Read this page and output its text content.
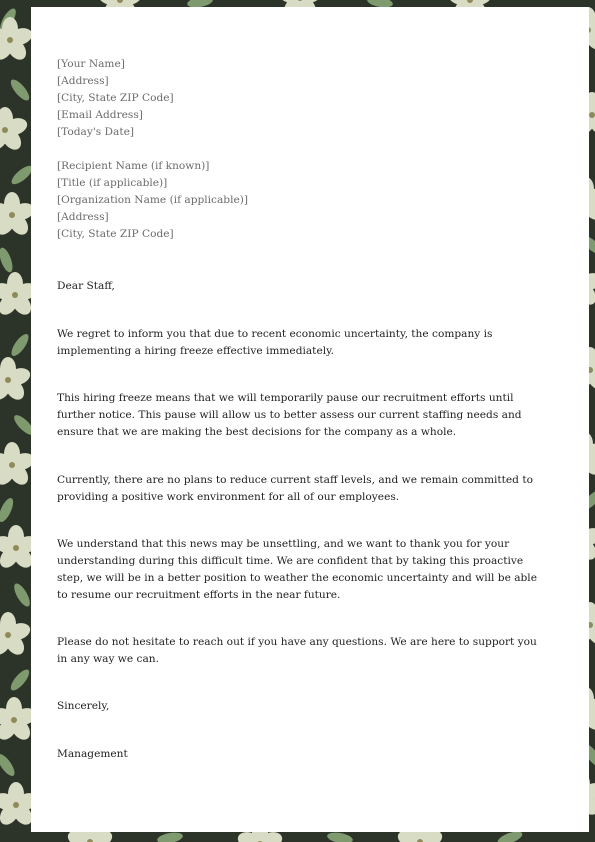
[Your Name]
[Address]
[City, State ZIP Code]
[Email Address]
[Today's Date]
[Recipient Name (if known)]
[Title (if applicable)]
[Organization Name (if applicable)]
[Address]
[City, State ZIP Code]

Dear Staff,

We regret to inform you that due to recent economic uncertainty, the company is implementing a hiring freeze effective immediately.

This hiring freeze means that we will temporarily pause our recruitment efforts until further notice. This pause will allow us to better assess our current staffing needs and ensure that we are making the best decisions for the company as a whole.

Currently, there are no plans to reduce current staff levels, and we remain committed to providing a positive work environment for all of our employees.

We understand that this news may be unsettling, and we want to thank you for your understanding during this difficult time. We are confident that by taking this proactive step, we will be in a better position to weather the economic uncertainty and will be able to resume our recruitment efforts in the near future.

Please do not hesitate to reach out if you have any questions. We are here to support you in any way we can.

Sincerely,

Management
